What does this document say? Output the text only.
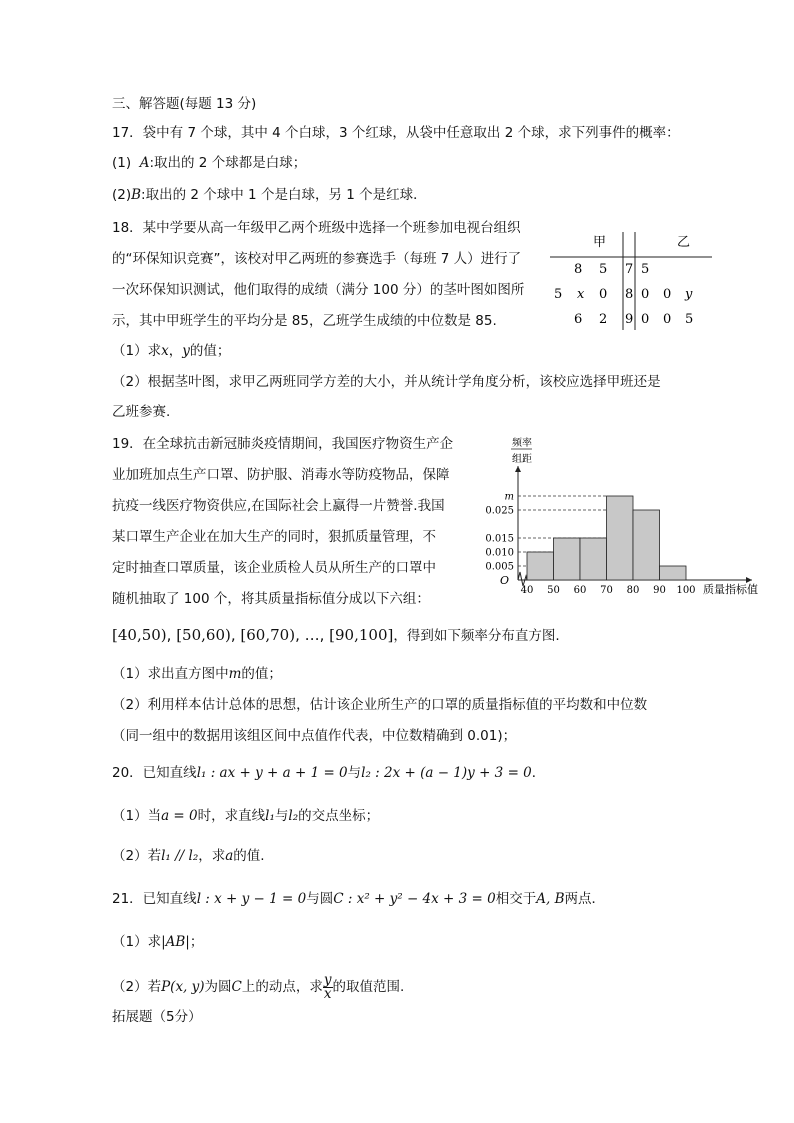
三、解答题(每题 13 分)
17．袋中有 7 个球，其中 4 个白球，3 个红球，从袋中任意取出 2 个球，求下列事件的概率：
(1) A:取出的 2 个球都是白球；
(2)B:取出的 2 个球中 1 个是白球，另 1 个是红球．
18．某中学要从高一年级甲乙两个班级中选择一个班参加电视台组织
的“环保知识竞赛”，该校对甲乙两班的参赛选手（每班 7 人）进行了
一次环保知识测试，他们取得的成绩（满分 100 分）的茎叶图如图所
示，其中甲班学生的平均分是 85，乙班学生成绩的中位数是 85.
（1）求x，y的值；
（2）根据茎叶图，求甲乙两班同学方差的大小，并从统计学角度分析，该校应选择甲班还是
乙班参赛.
甲	乙
8 5 7 5
5 x 0 8 0 0 y
6 2 9 0 0 5
19．在全球抗击新冠肺炎疫情期间，我国医疗物资生产企
业加班加点生产口罩、防护服、消毒水等防疫物品，保障
抗疫一线医疗物资供应,在国际社会上赢得一片赞誉.我国
某口罩生产企业在加大生产的同时，狠抓质量管理，不
定时抽查口罩质量，该企业质检人员从所生产的口罩中
随机抽取了 100 个，将其质量指标值分成以下六组：
[40,50), [50,60), [60,70), …, [90,100]，得到如下频率分布直方图.
（1）求出直方图中m的值；
（2）利用样本估计总体的思想，估计该企业所生产的口罩的质量指标值的平均数和中位数
（同一组中的数据用该组区间中点值作代表，中位数精确到 0.01)；
频率
组距
O
0.005
0.010
0.015
0.025
m
40 50 60 70 80 90 100 质量指标值
20．已知直线l₁ : ax + y + a + 1 = 0与l₂ : 2x + (a − 1)y + 3 = 0．
（1）当a = 0时，求直线l₁与l₂的交点坐标；
（2）若l₁ // l₂，求a的值.
21．已知直线l : x + y − 1 = 0与圆C : x² + y² − 4x + 3 = 0相交于A, B两点．
（1）求|AB|；
（2）若P(x, y)为圆C上的动点，求 $\frac{y}{x}$ 的取值范围.
拓展题（5分）
